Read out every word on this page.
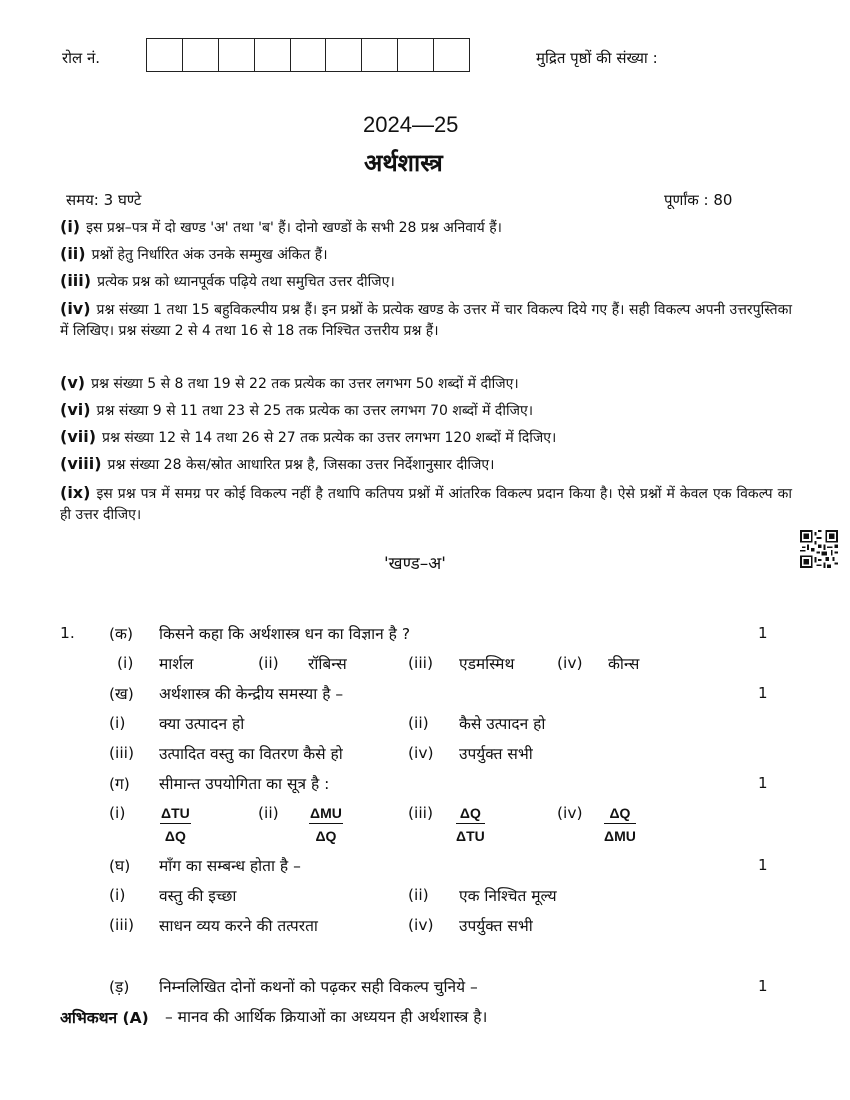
रोल नं.	मुद्रित पृष्ठों की संख्या :
2024—25
अर्थशास्त्र
समय: 3 घण्टे	पूर्णांक : 80
(i) इस प्रश्न–पत्र में दो खण्ड 'अ' तथा 'ब' हैं। दोनो खण्डों के सभी 28 प्रश्न अनिवार्य हैं।
(ii) प्रश्नों हेतु निर्धारित अंक उनके सम्मुख अंकित हैं।
(iii) प्रत्येक प्रश्न को ध्यानपूर्वक पढ़िये तथा समुचित उत्तर दीजिए।
(iv) प्रश्न संख्या 1 तथा 15 बहुविकल्पीय प्रश्न हैं। इन प्रश्नों के प्रत्येक खण्ड के उत्तर में चार विकल्प दिये गए हैं। सही विकल्प अपनी उत्तरपुस्तिका में लिखिए। प्रश्न संख्या 2 से 4 तथा 16 से 18 तक निश्चित उत्तरीय प्रश्न हैं।
(v) प्रश्न संख्या 5 से 8 तथा 19 से 22 तक प्रत्येक का उत्तर लगभग 50 शब्दों में दीजिए।
(vi) प्रश्न संख्या 9 से 11 तथा 23 से 25 तक प्रत्येक का उत्तर लगभग 70 शब्दों में दीजिए।
(vii) प्रश्न संख्या 12 से 14 तथा 26 से 27 तक प्रत्येक का उत्तर लगभग 120 शब्दों में दिजिए।
(viii) प्रश्न संख्या 28 केस/स्रोत आधारित प्रश्न है, जिसका उत्तर निर्देशानुसार दीजिए।
(ix) इस प्रश्न पत्र में समग्र पर कोई विकल्प नहीं है तथापि कतिपय प्रश्नों में आंतरिक विकल्प प्रदान किया है। ऐसे प्रश्नों में केवल एक विकल्प का ही उत्तर दीजिए।
'खण्ड–अ'
1. (क) किसने कहा कि अर्थशास्त्र धन का विज्ञान है ?	1
(i) मार्शल	(ii) रॉबिन्स	(iii) एडमस्मिथ	(iv) कीन्स
(ख) अर्थशास्त्र की केन्द्रीय समस्या है –	1
(i) क्या उत्पादन हो	(ii) कैसे उत्पादन हो
(iii) उत्पादित वस्तु का वितरण कैसे हो	(iv) उपर्युक्त सभी
(ग) सीमान्त उपयोगिता का सूत्र है :	1
(i)	ΔTU
ΔQ
(ii) ΔMU
ΔQ
(iii) ΔQ
ΔTU
(iv)	ΔQ
ΔMU
(घ) माँग का सम्बन्ध होता है –	1
(i) वस्तु की इच्छा	(ii) एक निश्चित मूल्य
(iii) साधन व्यय करने की तत्परता	(iv) उपर्युक्त सभी
(ड़) निम्नलिखित दोनों कथनों को पढ़कर सही विकल्प चुनिये –	1
अभिकथन (A) – मानव की आर्थिक क्रियाओं का अध्ययन ही अर्थशास्त्र है।
